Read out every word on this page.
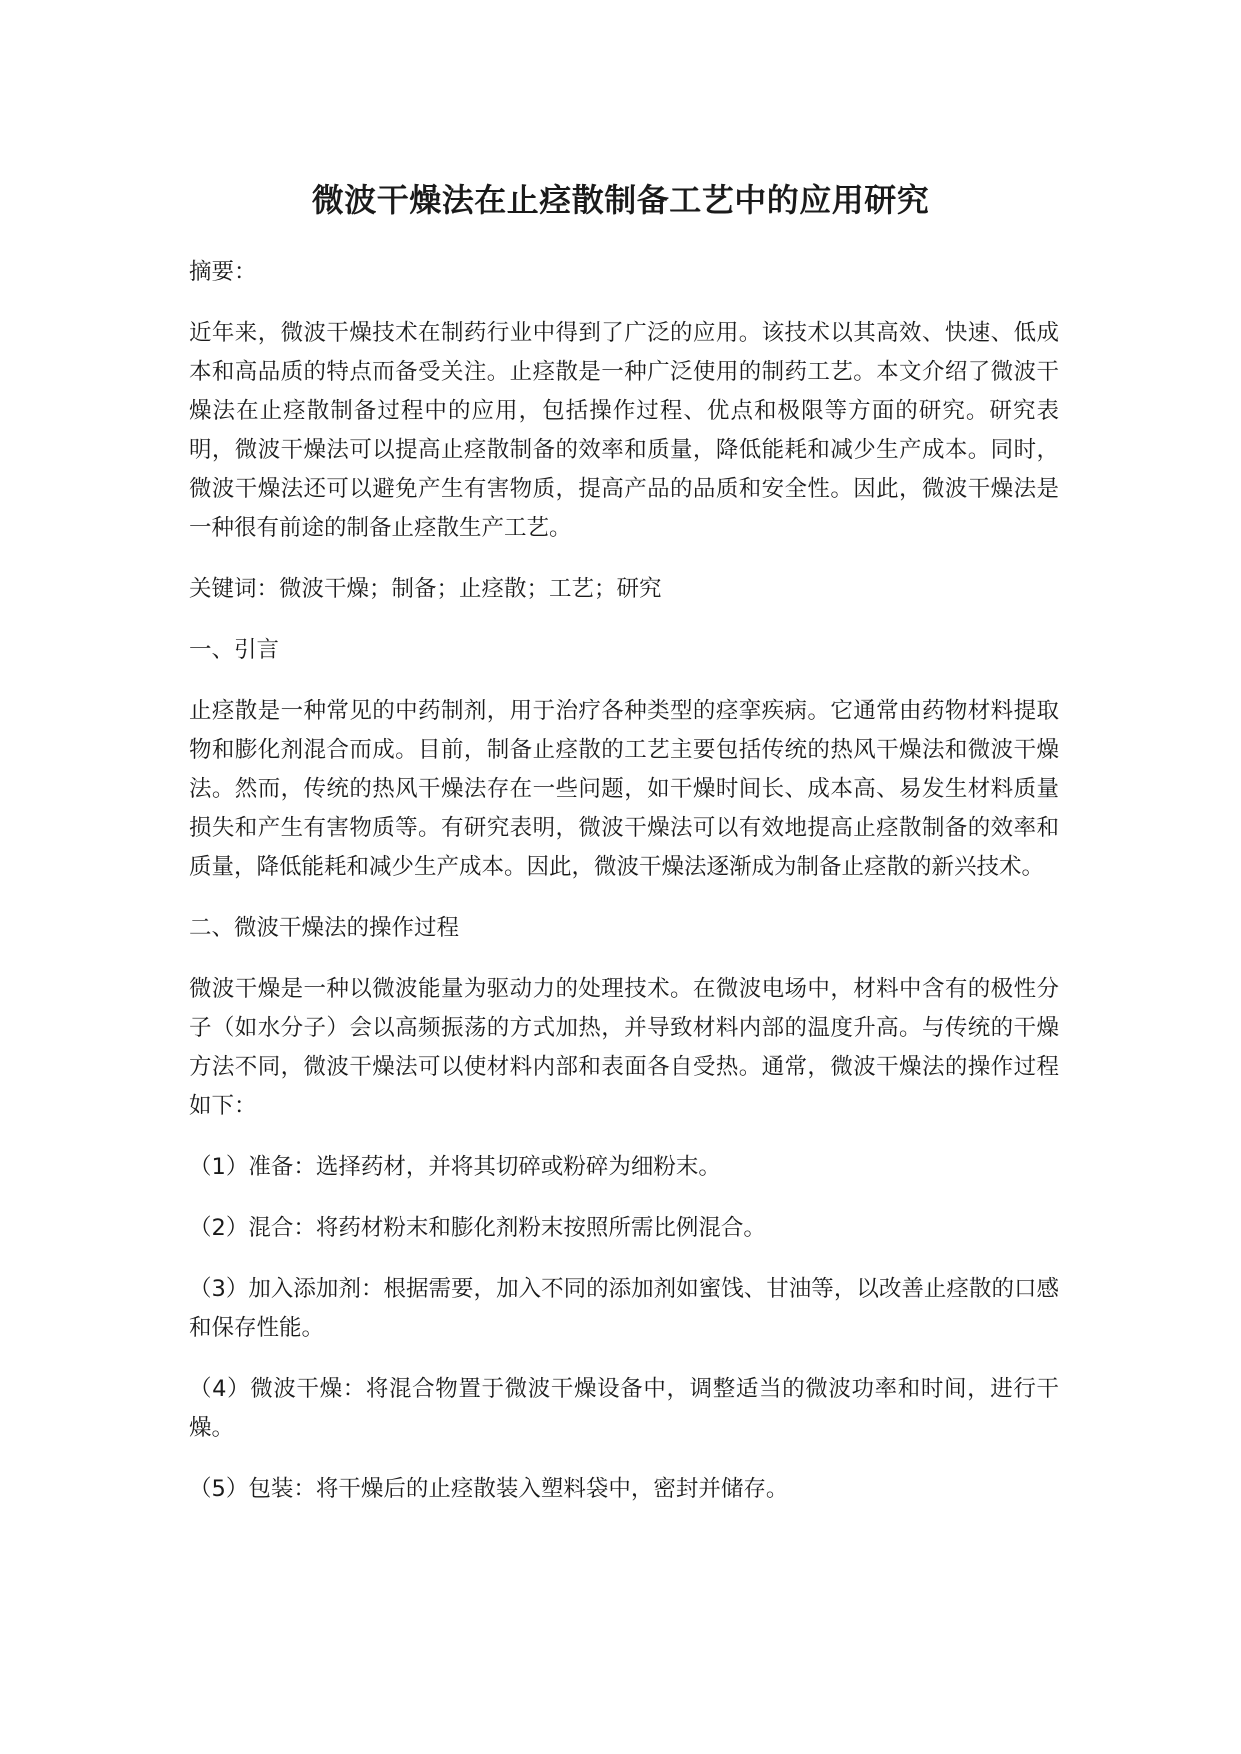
微波干燥法在止痉散制备工艺中的应用研究

摘要：

近年来，微波干燥技术在制药行业中得到了广泛的应用。该技术以其高效、快速、低成本和高品质的特点而备受关注。止痉散是一种广泛使用的制药工艺。本文介绍了微波干燥法在止痉散制备过程中的应用，包括操作过程、优点和极限等方面的研究。研究表明，微波干燥法可以提高止痉散制备的效率和质量，降低能耗和减少生产成本。同时，微波干燥法还可以避免产生有害物质，提高产品的品质和安全性。因此，微波干燥法是一种很有前途的制备止痉散生产工艺。

关键词：微波干燥；制备；止痉散；工艺；研究

一、引言

止痉散是一种常见的中药制剂，用于治疗各种类型的痉挛疾病。它通常由药物材料提取物和膨化剂混合而成。目前，制备止痉散的工艺主要包括传统的热风干燥法和微波干燥法。然而，传统的热风干燥法存在一些问题，如干燥时间长、成本高、易发生材料质量损失和产生有害物质等。有研究表明，微波干燥法可以有效地提高止痉散制备的效率和质量，降低能耗和减少生产成本。因此，微波干燥法逐渐成为制备止痉散的新兴技术。

二、微波干燥法的操作过程

微波干燥是一种以微波能量为驱动力的处理技术。在微波电场中，材料中含有的极性分子（如水分子）会以高频振荡的方式加热，并导致材料内部的温度升高。与传统的干燥方法不同，微波干燥法可以使材料内部和表面各自受热。通常，微波干燥法的操作过程如下：

（1）准备：选择药材，并将其切碎或粉碎为细粉末。

（2）混合：将药材粉末和膨化剂粉末按照所需比例混合。

（3）加入添加剂：根据需要，加入不同的添加剂如蜜饯、甘油等，以改善止痉散的口感和保存性能。

（4）微波干燥：将混合物置于微波干燥设备中，调整适当的微波功率和时间，进行干燥。

（5）包装：将干燥后的止痉散装入塑料袋中，密封并储存。
